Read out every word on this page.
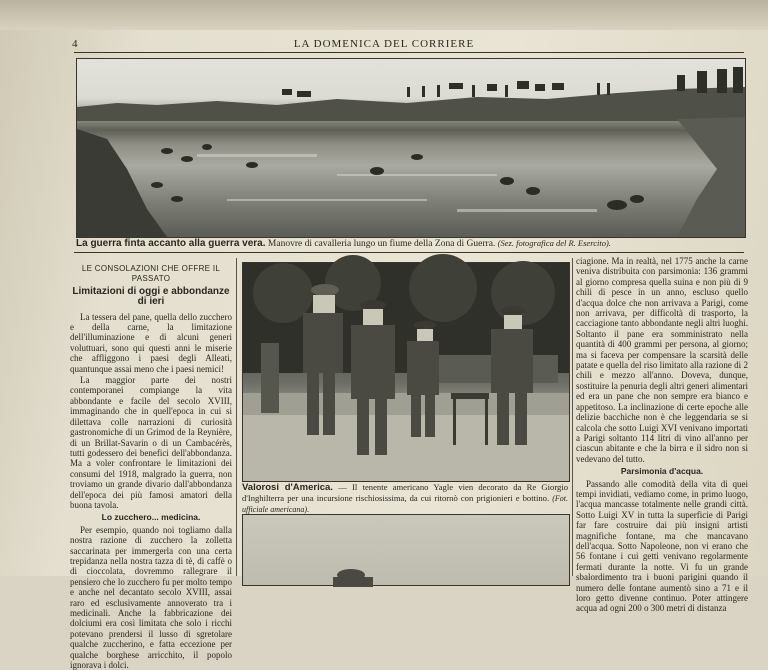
4	LA DOMENICA DEL CORRIERE
La guerra finta accanto alla guerra vera. Manovre di cavalleria lungo un fiume della Zona di Guerra. (Sez. fotografica del R. Esercito).
LE CONSOLAZIONI CHE OFFRE IL PASSATO
Limitazioni di oggi e abbondanze di ieri

La tessera del pane, quella dello zucchero e della carne, la limitazione dell'illuminazione e di alcuni generi voluttuari, sono qui questi anni le miserie che affliggono i paesi degli Alleati, quantunque assai meno che i paesi nemici!

La maggior parte dei nostri contemporanei compiange la vita abbondante e facile del secolo XVIII, immaginando che in quell'epoca in cui si dilettava colle narrazioni di curiosità gastronomiche di un Grimod de la Reynière, di un Brillat-Savarin o di un Cambacérès, tutti godessero dei benefici dell'abbondanza. Ma a voler confrontare le limitazioni dei consumi del 1918, malgrado la guerra, non troviamo un grande divario dall'abbondanza dell'epoca dei più famosi amatori della buona tavola.

Lo zucchero... medicina.

Per esempio, quando noi togliamo dalla nostra razione di zucchero la zolletta saccarinata per immergerla con una certa trepidanza nella nostra tazza di tè, di caffè o di cioccolata, dovremmo rallegrare il pensiero che lo zucchero fu per molto tempo e anche nel decantato secolo XVIII, assai raro ed esclusivamente annoverato tra i medicinali. Anche la fabbricazione dei dolciumi era così limitata che solo i ricchi potevano prendersi il lusso di sgretolare qualche zuccherino, e fatta eccezione per qualche borghese arricchito, il popolo ignorava i dolci.

Valorosi d'America. — Il tenente americano Yagle vien decorato da Re Giorgio d'Inghilterra per una incursione rischiosissima, da cui ritornò con prigionieri e bottino. (Fot. ufficiale americana).

ciagione. Ma in realtà, nel 1775 anche la carne veniva distribuita con parsimonia: 136 grammi al giorno compresa quella suina e non più di 9 chili di pesce in un anno, escluso quello d'acqua dolce che non arrivava a Parigi, come non arrivava, per difficoltà di trasporto, la cacciagione tanto abbondante negli altri luoghi. Soltanto il pane era somministrato nella quantità di 400 grammi per persona, al giorno; ma si faceva per compensare la scarsità delle patate e quella del riso limitato alla razione di 2 chili e mezzo all'anno. Doveva, dunque, sostituire la penuria degli altri generi alimentari ed era un pane che non sempre era bianco e appetitoso. La inclinazione di certe epoche alle delizie bacchiche non è che leggendaria se si calcola che sotto Luigi XVI venivano importati a Parigi soltanto 114 litri di vino all'anno per ciascun abitante e che la birra e il sidro non si vedevano del tutto.

Parsimonia d'acqua.

Passando alle comodità della vita di quei tempi invidiati, vediamo come, in primo luogo, l'acqua mancasse totalmente nelle grandi città. Sotto Luigi XV in tutta la superficie di Parigi far fare costruire dai più insigni artisti magnifiche fontane, ma che mancavano dell'acqua. Sotto Napoleone, non vi erano che 56 fontane i cui getti venivano regolarmente fermati durante la notte. Vi fu un grande sbalordimento tra i buoni parigini quando il numero delle fontane aumentò sino a 71 e il loro getto divenne continuo. Poter attingere acqua ad ogni 200 o 300 metri di distanza
